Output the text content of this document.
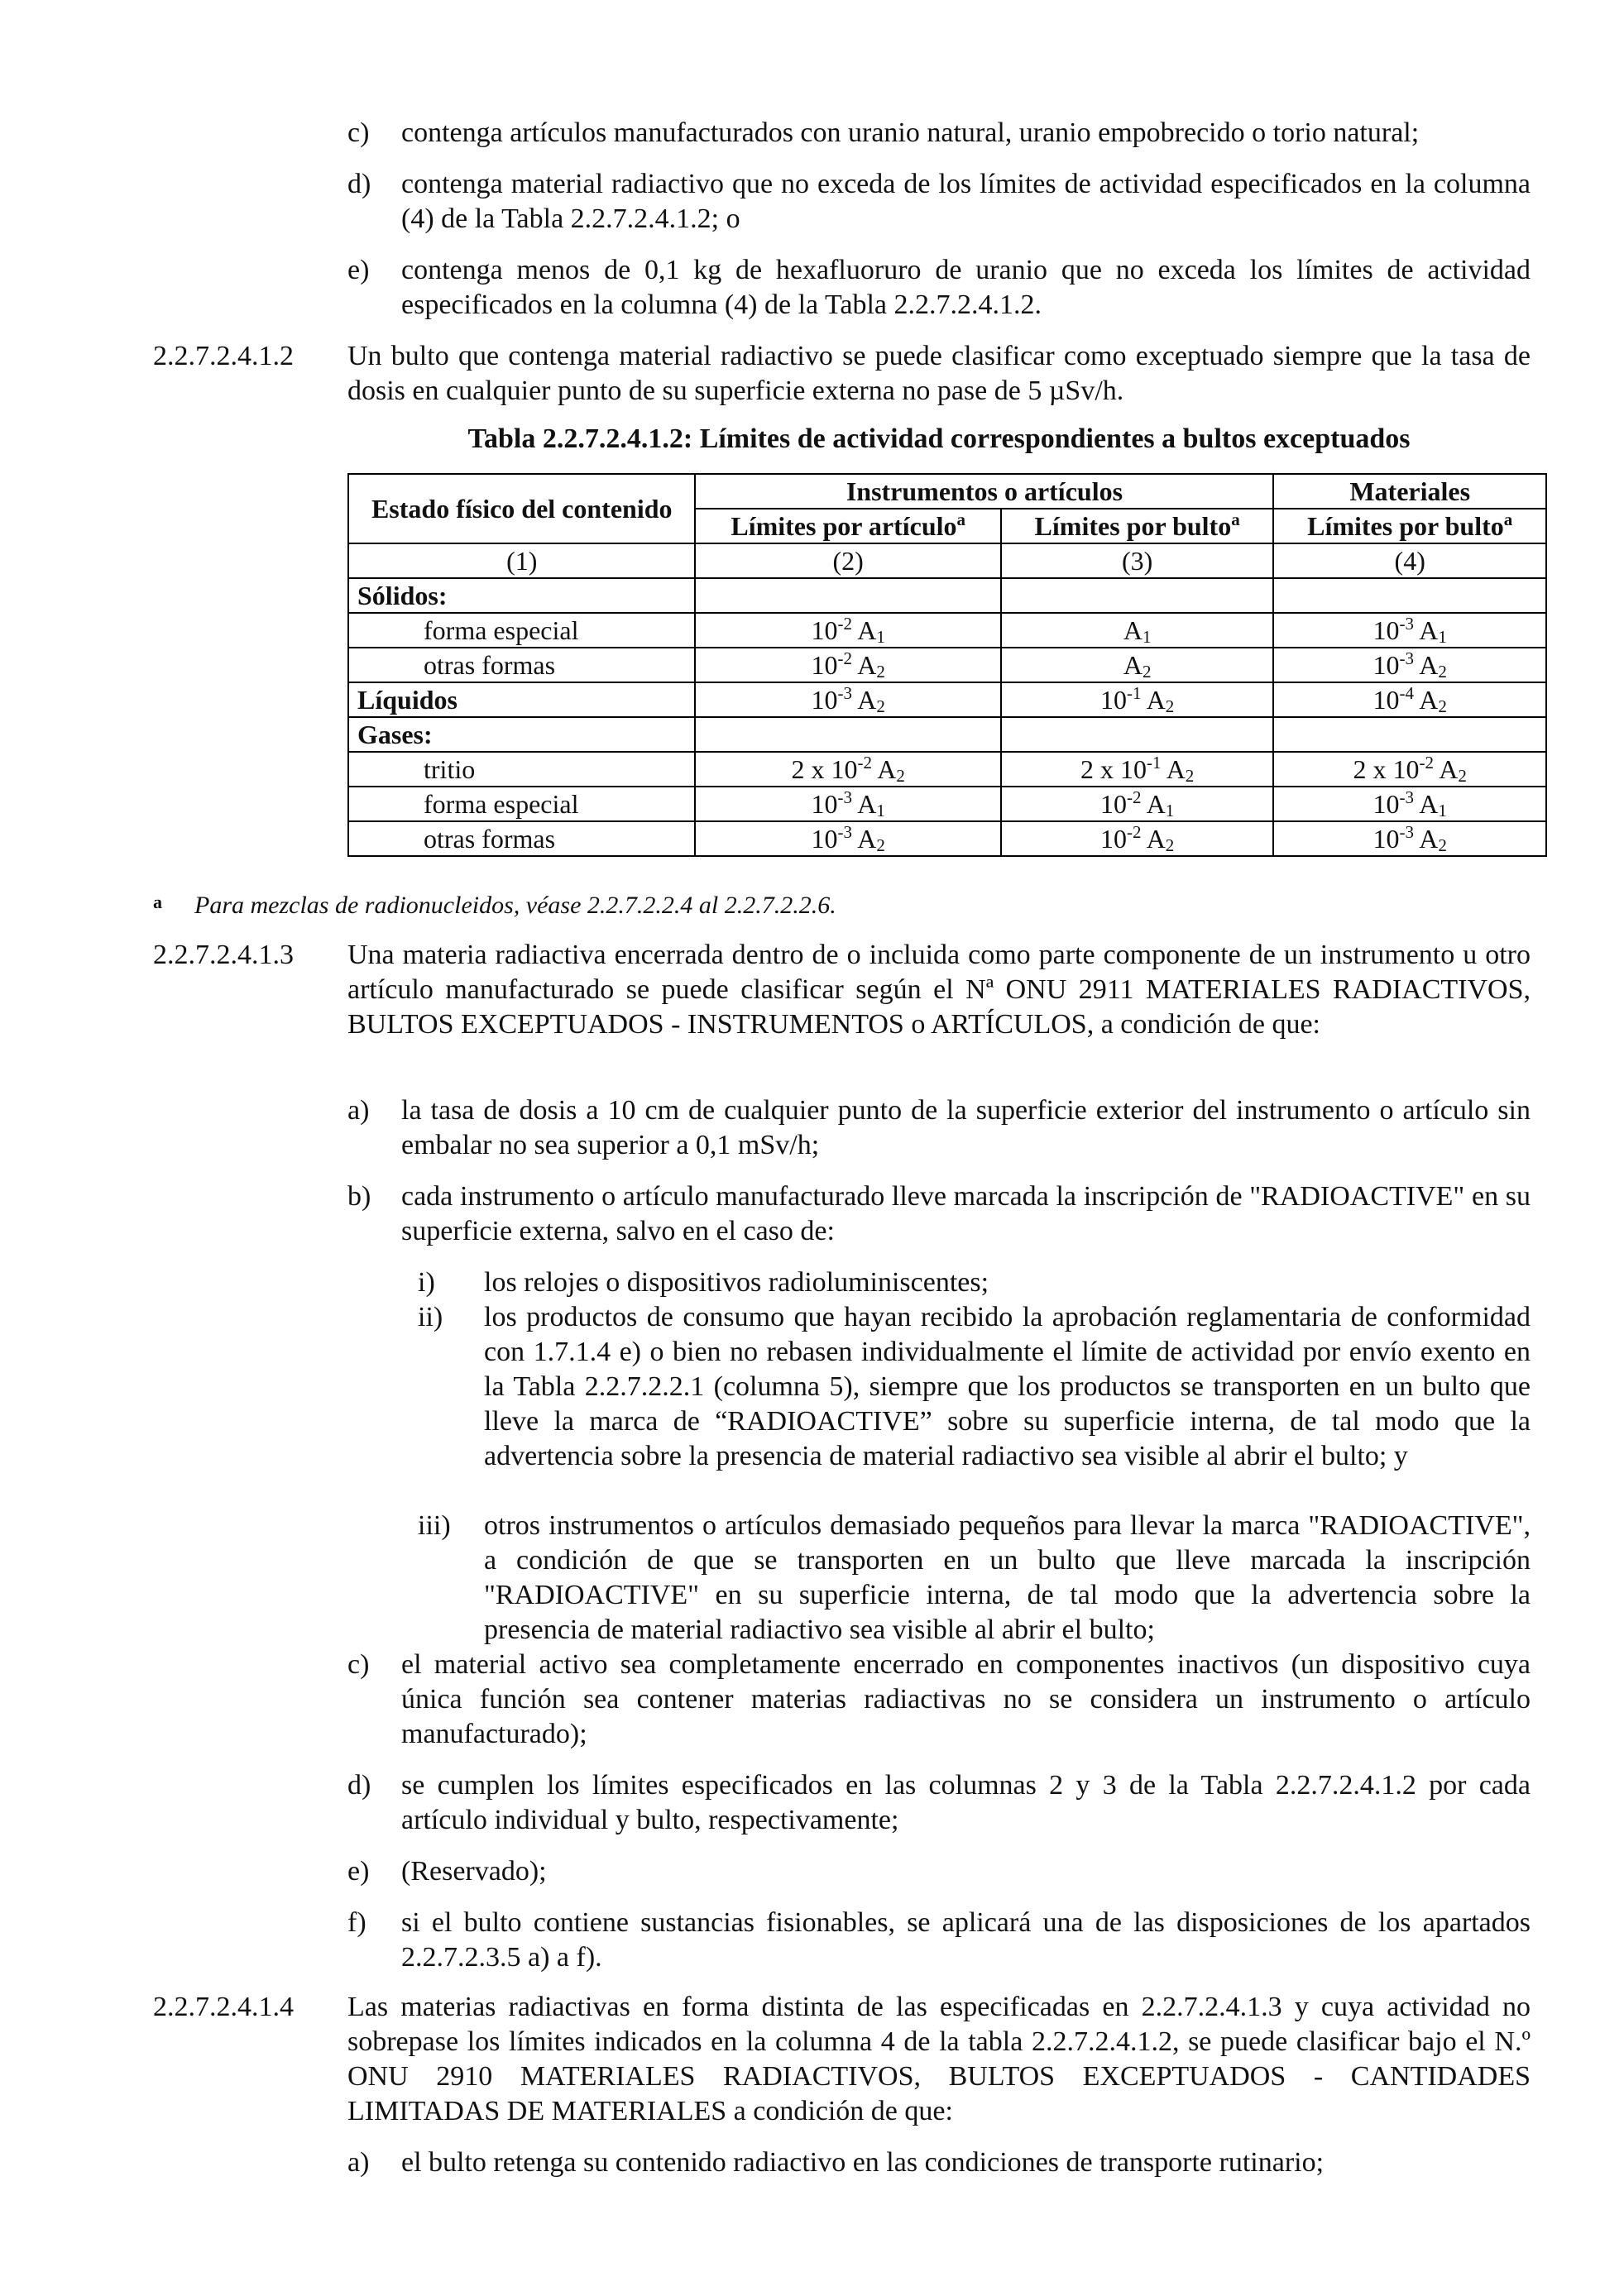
c) contenga artículos manufacturados con uranio natural, uranio empobrecido o torio natural;
d) contenga material radiactivo que no exceda de los límites de actividad especificados en la columna (4) de la Tabla 2.2.7.2.4.1.2; o
e) contenga menos de 0,1 kg de hexafluoruro de uranio que no exceda los límites de actividad especificados en la columna (4) de la Tabla 2.2.7.2.4.1.2.
2.2.7.2.4.1.2 Un bulto que contenga material radiactivo se puede clasificar como exceptuado siempre que la tasa de dosis en cualquier punto de su superficie externa no pase de 5 µSv/h.
Tabla 2.2.7.2.4.1.2: Límites de actividad correspondientes a bultos exceptuados
Estado físico del contenido	Instrumentos o artículos		Materiales
	Límites por artículo$^a$	Límites por bulto$^a$	Límites por bulto$^a$
(1)	(2)	(3)	(4)
Sólidos:			
forma especial	$10^{-2}$ $A_1$	$A_1$	$10^{-3}$ $A_1$
otras formas	$10^{-2}$ $A_2$	$A_2$	$10^{-3}$ $A_2$
Líquidos	$10^{-3}$ $A_2$	$10^{-1}$ $A_2$	$10^{-4}$ $A_2$
Gases:			
tritio	2 x $10^{-2}$ $A_2$	2 x $10^{-1}$ $A_2$	2 x $10^{-2}$ $A_2$
forma especial	$10^{-3}$ $A_1$	$10^{-2}$ $A_1$	$10^{-3}$ $A_1$
otras formas	$10^{-3}$ $A_2$	$10^{-2}$ $A_2$	$10^{-3}$ $A_2$
a Para mezclas de radionucleidos, véase 2.2.7.2.2.4 al 2.2.7.2.2.6.
2.2.7.2.4.1.3 Una materia radiactiva encerrada dentro de o incluida como parte componente de un instrumento u otro artículo manufacturado se puede clasificar según el Nª ONU 2911 MATERIALES RADIACTIVOS, BULTOS EXCEPTUADOS - INSTRUMENTOS o ARTÍCULOS, a condición de que:
a) la tasa de dosis a 10 cm de cualquier punto de la superficie exterior del instrumento o artículo sin embalar no sea superior a 0,1 mSv/h;
b) cada instrumento o artículo manufacturado lleve marcada la inscripción de "RADIOACTIVE" en su superficie externa, salvo en el caso de:
i) los relojes o dispositivos radioluminiscentes;
ii) los productos de consumo que hayan recibido la aprobación reglamentaria de conformidad con 1.7.1.4 e) o bien no rebasen individualmente el límite de actividad por envío exento en la Tabla 2.2.7.2.2.1 (columna 5), siempre que los productos se transporten en un bulto que lleve la marca de “RADIOACTIVE” sobre su superficie interna, de tal modo que la advertencia sobre la presencia de material radiactivo sea visible al abrir el bulto; y
iii) otros instrumentos o artículos demasiado pequeños para llevar la marca "RADIOACTIVE", a condición de que se transporten en un bulto que lleve marcada la inscripción "RADIOACTIVE" en su superficie interna, de tal modo que la advertencia sobre la presencia de material radiactivo sea visible al abrir el bulto;
c) el material activo sea completamente encerrado en componentes inactivos (un dispositivo cuya única función sea contener materias radiactivas no se considera un instrumento o artículo manufacturado);
d) se cumplen los límites especificados en las columnas 2 y 3 de la Tabla 2.2.7.2.4.1.2 por cada artículo individual y bulto, respectivamente;
e) (Reservado);
f) si el bulto contiene sustancias fisionables, se aplicará una de las disposiciones de los apartados 2.2.7.2.3.5 a) a f).
2.2.7.2.4.1.4 Las materias radiactivas en forma distinta de las especificadas en 2.2.7.2.4.1.3 y cuya actividad no sobrepase los límites indicados en la columna 4 de la tabla 2.2.7.2.4.1.2, se puede clasificar bajo el N.º ONU 2910 MATERIALES RADIACTIVOS, BULTOS EXCEPTUADOS - CANTIDADES LIMITADAS DE MATERIALES a condición de que:
a) el bulto retenga su contenido radiactivo en las condiciones de transporte rutinario;
